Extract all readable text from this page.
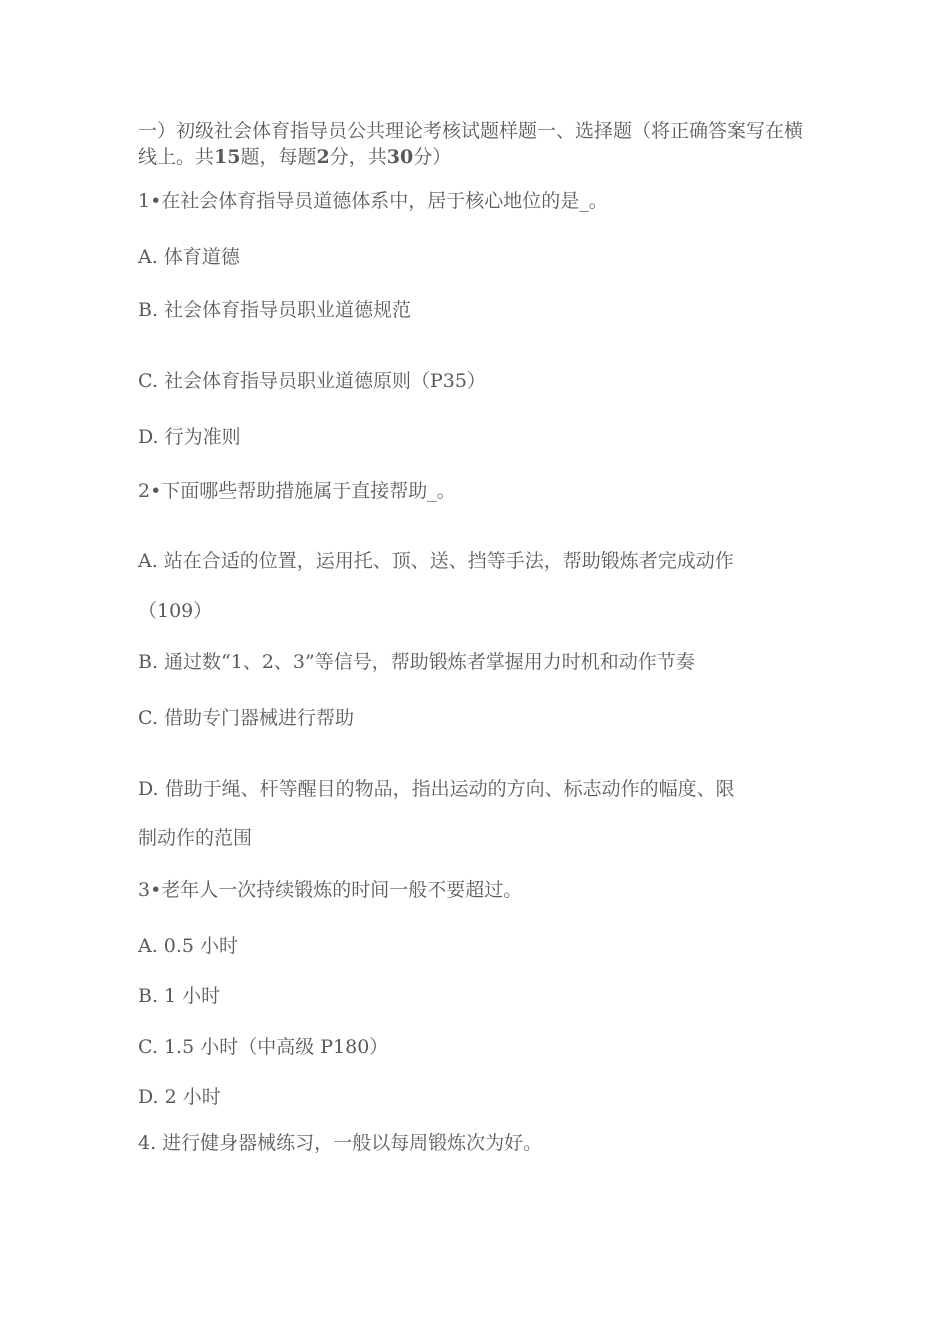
一）初级社会体育指导员公共理论考核试题样题一、选择题（将正确答案写在横线上。共15题，每题2分，共30分）
1•在社会体育指导员道德体系中，居于核心地位的是_。
A. 体育道德
B. 社会体育指导员职业道德规范
C. 社会体育指导员职业道德原则（P35）
D. 行为准则
2•下面哪些帮助措施属于直接帮助_。
A. 站在合适的位置，运用托、顶、送、挡等手法，帮助锻炼者完成动作
（109）
B. 通过数“1、2、3”等信号，帮助锻炼者掌握用力时机和动作节奏
C. 借助专门器械进行帮助
D. 借助于绳、杆等醒目的物品，指出运动的方向、标志动作的幅度、限
制动作的范围
3•老年人一次持续锻炼的时间一般不要超过。
A. 0.5 小时
B. 1 小时
C. 1.5 小时（中高级 P180）
D. 2 小时
4. 进行健身器械练习，一般以每周锻炼次为好。
